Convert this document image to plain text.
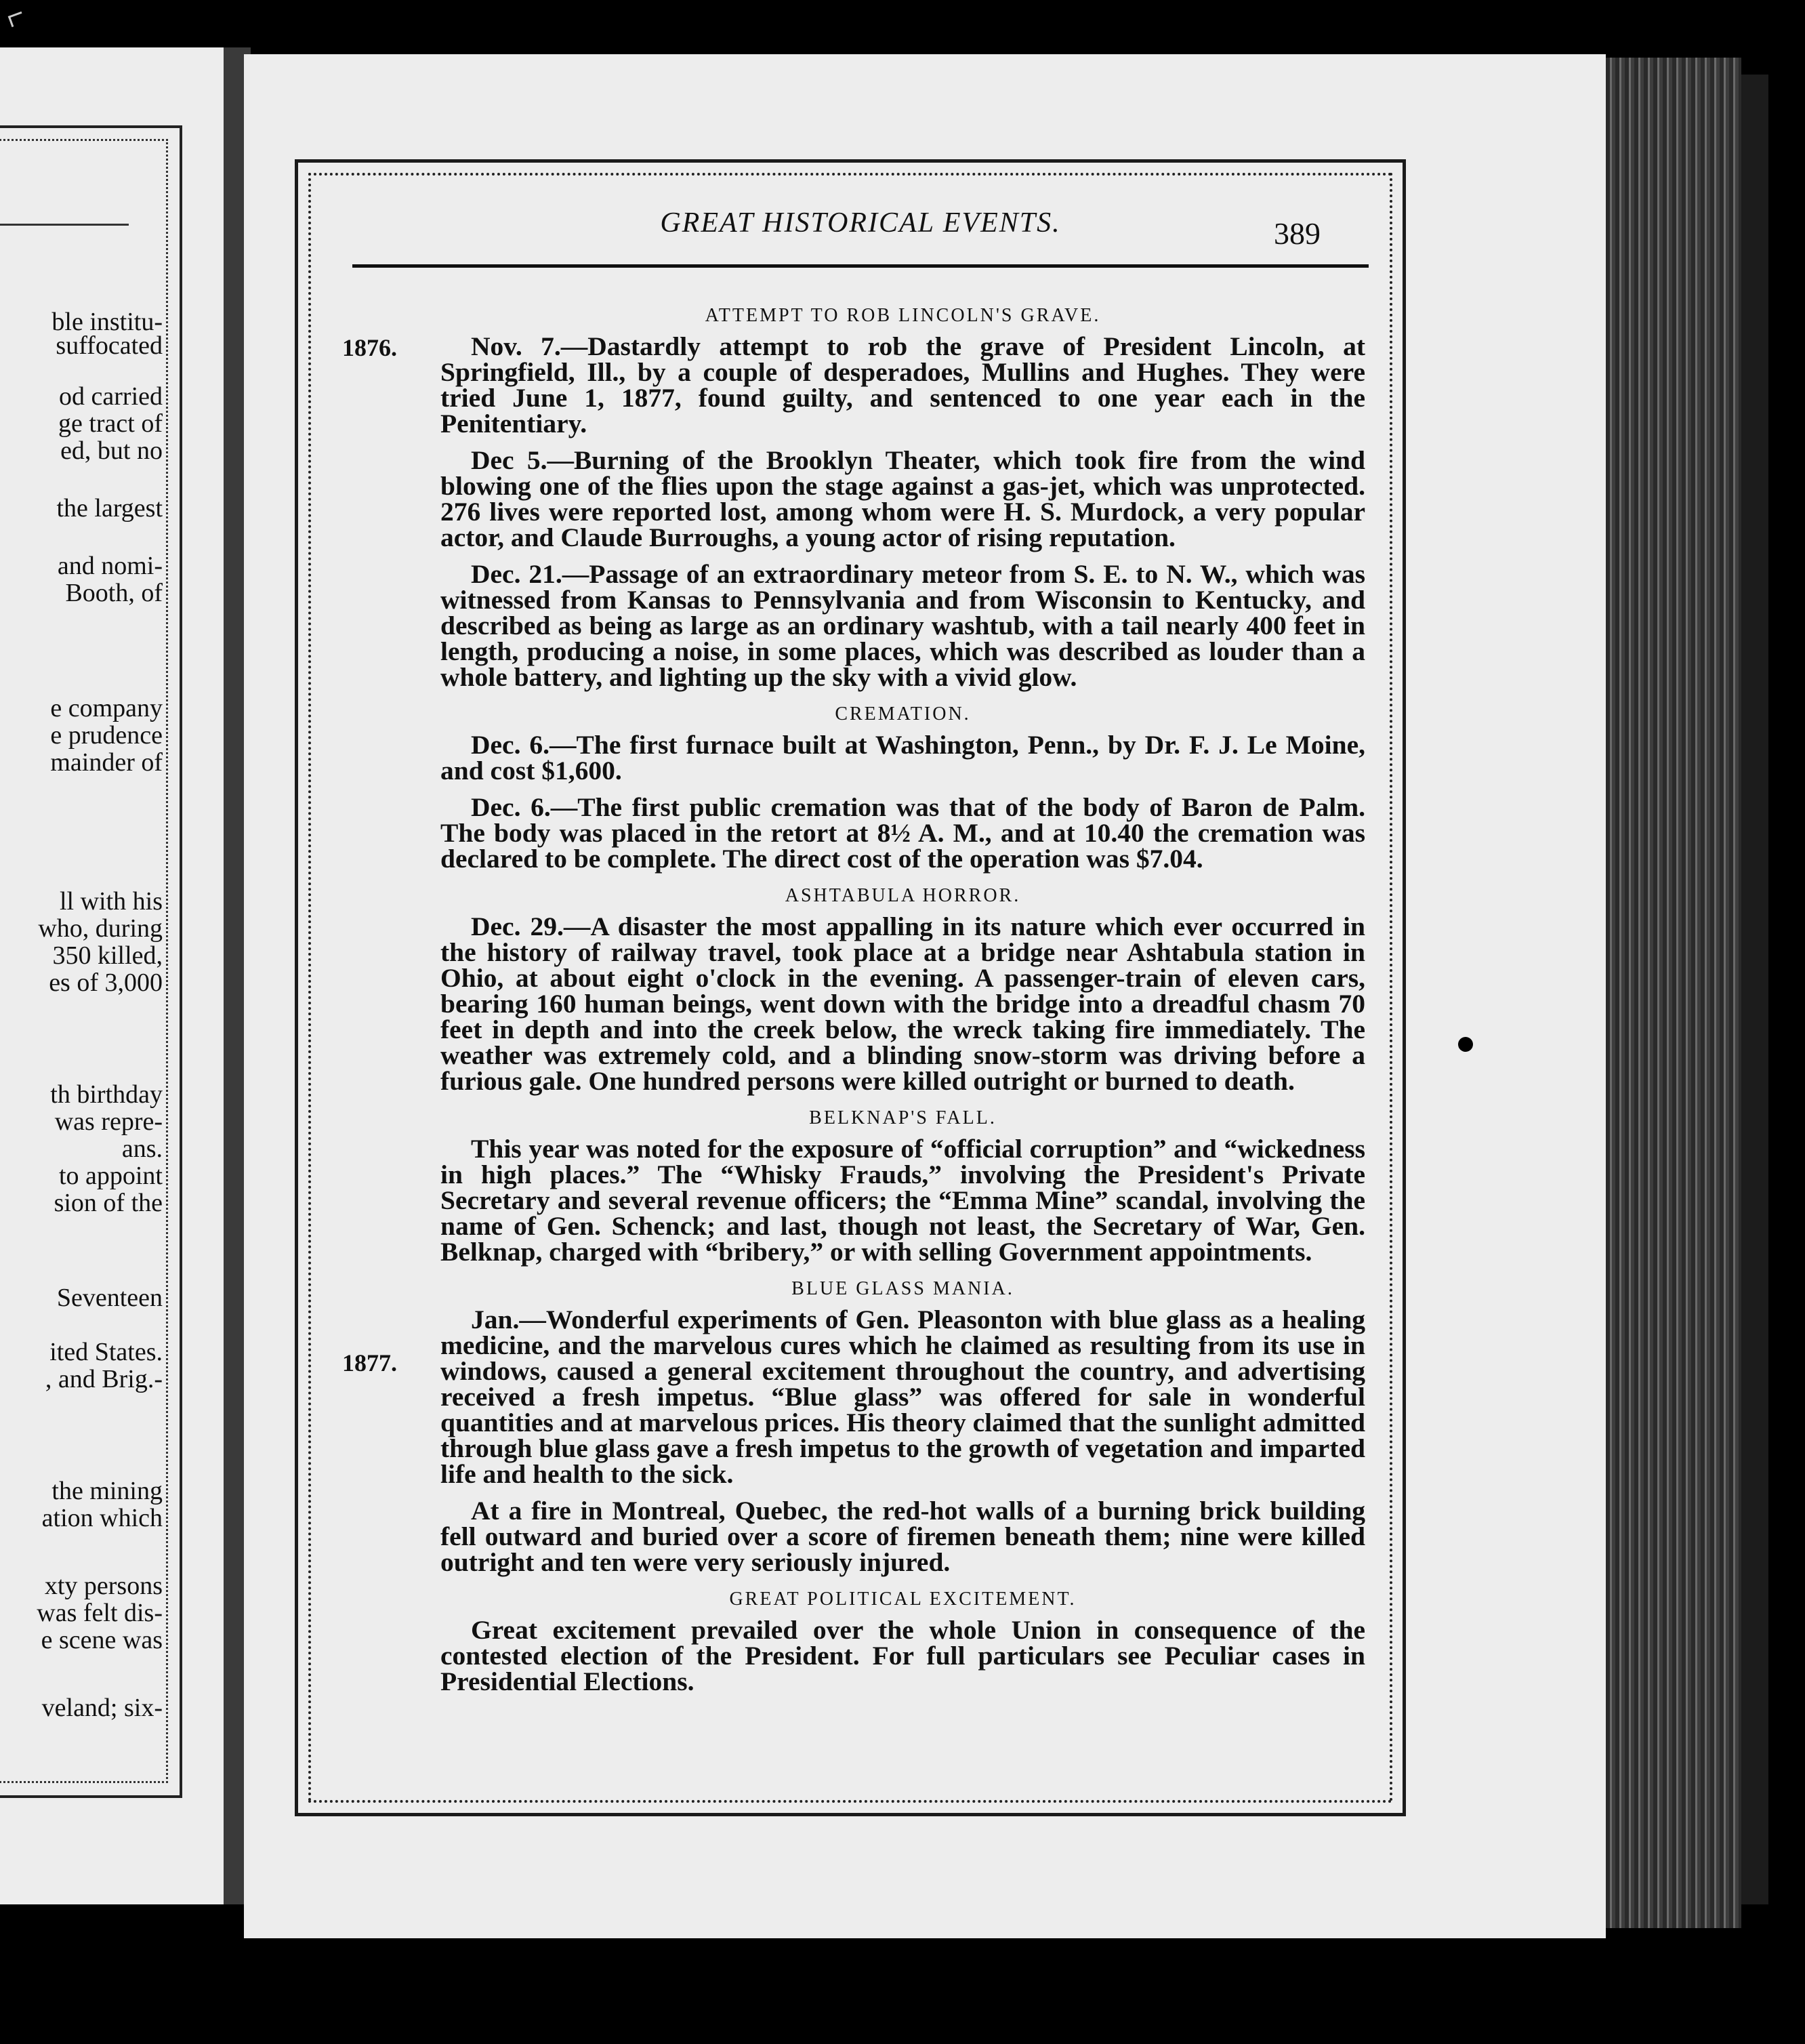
ble institu-
suffocated
od carried
ge tract of
ed, but no
the largest
and nomi-
Booth, of
e company
e prudence
mainder of
ll with his
who, during
350 killed,
es of 3,000
th birthday
was repre-
ans.
to appoint
sion of the
Seventeen
ited States.
, and Brig.-
the mining
ation which
xty persons
was felt dis-
e scene was
veland; six-
GREAT HISTORICAL EVENTS.	389
1876.
1877.
ATTEMPT TO ROB LINCOLN'S GRAVE.

Nov. 7.—Dastardly attempt to rob the grave of President Lincoln, at Springfield, Ill., by a couple of desperadoes, Mullins and Hughes. They were tried June 1, 1877, found guilty, and sentenced to one year each in the Penitentiary.

Dec 5.—Burning of the Brooklyn Theater, which took fire from the wind blowing one of the flies upon the stage against a gas-jet, which was unprotected. 276 lives were reported lost, among whom were H. S. Murdock, a very popular actor, and Claude Burroughs, a young actor of rising reputation.

Dec. 21.—Passage of an extraordinary meteor from S. E. to N. W., which was witnessed from Kansas to Pennsylvania and from Wisconsin to Kentucky, and described as being as large as an ordinary washtub, with a tail nearly 400 feet in length, producing a noise, in some places, which was described as louder than a whole battery, and lighting up the sky with a vivid glow.

CREMATION.

Dec. 6.—The first furnace built at Washington, Penn., by Dr. F. J. Le Moine, and cost $1,600.

Dec. 6.—The first public cremation was that of the body of Baron de Palm. The body was placed in the retort at 8½ A. M., and at 10.40 the cremation was declared to be complete. The direct cost of the operation was $7.04.

ASHTABULA HORROR.

Dec. 29.—A disaster the most appalling in its nature which ever occurred in the history of railway travel, took place at a bridge near Ashtabula station in Ohio, at about eight o'clock in the evening. A passenger-train of eleven cars, bearing 160 human beings, went down with the bridge into a dreadful chasm 70 feet in depth and into the creek below, the wreck taking fire immediately. The weather was extremely cold, and a blinding snow-storm was driving before a furious gale. One hundred persons were killed outright or burned to death.

BELKNAP'S FALL.

This year was noted for the exposure of “official corruption” and “wickedness in high places.” The “Whisky Frauds,” involving the President's Private Secretary and several revenue officers; the “Emma Mine” scandal, involving the name of Gen. Schenck; and last, though not least, the Secretary of War, Gen. Belknap, charged with “bribery,” or with selling Government appointments.

BLUE GLASS MANIA.

Jan.—Wonderful experiments of Gen. Pleasonton with blue glass as a healing medicine, and the marvelous cures which he claimed as resulting from its use in windows, caused a general excitement throughout the country, and advertising received a fresh impetus. “Blue glass” was offered for sale in wonderful quantities and at marvelous prices. His theory claimed that the sunlight admitted through blue glass gave a fresh impetus to the growth of vegetation and imparted life and health to the sick.

At a fire in Montreal, Quebec, the red-hot walls of a burning brick building fell outward and buried over a score of firemen beneath them; nine were killed outright and ten were very seriously injured.

GREAT POLITICAL EXCITEMENT.

Great excitement prevailed over the whole Union in consequence of the contested election of the President. For full particulars see Peculiar cases in Presidential Elections.
